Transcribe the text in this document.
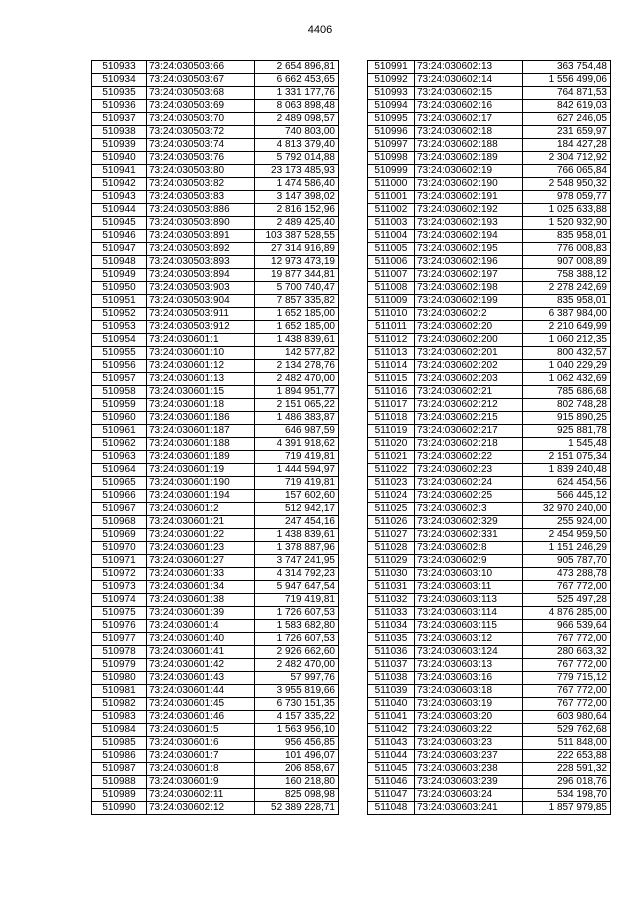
4406
510933	73:24:030503:66	2 654 896,81
510934	73:24:030503:67	6 662 453,65
510935	73:24:030503:68	1 331 177,76
510936	73:24:030503:69	8 063 898,48
510937	73:24:030503:70	2 489 098,57
510938	73:24:030503:72	740 803,00
510939	73:24:030503:74	4 813 379,40
510940	73:24:030503:76	5 792 014,88
510941	73:24:030503:80	23 173 485,93
510942	73:24:030503:82	1 474 586,40
510943	73:24:030503:83	3 147 398,02
510944	73:24:030503:886	2 816 152,96
510945	73:24:030503:890	2 489 425,40
510946	73:24:030503:891	103 387 528,55
510947	73:24:030503:892	27 314 916,89
510948	73:24:030503:893	12 973 473,19
510949	73:24:030503:894	19 877 344,81
510950	73:24:030503:903	5 700 740,47
510951	73:24:030503:904	7 857 335,82
510952	73:24:030503:911	1 652 185,00
510953	73:24:030503:912	1 652 185,00
510954	73:24:030601:1	1 438 839,61
510955	73:24:030601:10	142 577,82
510956	73:24:030601:12	2 134 278,76
510957	73:24:030601:13	2 482 470,00
510958	73:24:030601:15	1 894 951,77
510959	73:24:030601:18	2 151 065,22
510960	73:24:030601:186	1 486 383,87
510961	73:24:030601:187	646 987,59
510962	73:24:030601:188	4 391 918,62
510963	73:24:030601:189	719 419,81
510964	73:24:030601:19	1 444 594,97
510965	73:24:030601:190	719 419,81
510966	73:24:030601:194	157 602,60
510967	73:24:030601:2	512 942,17
510968	73:24:030601:21	247 454,16
510969	73:24:030601:22	1 438 839,61
510970	73:24:030601:23	1 378 887,96
510971	73:24:030601:27	3 747 241,95
510972	73:24:030601:33	4 314 792,23
510973	73:24:030601:34	5 947 647,54
510974	73:24:030601:38	719 419,81
510975	73:24:030601:39	1 726 607,53
510976	73:24:030601:4	1 583 682,80
510977	73:24:030601:40	1 726 607,53
510978	73:24:030601:41	2 926 662,60
510979	73:24:030601:42	2 482 470,00
510980	73:24:030601:43	57 997,76
510981	73:24:030601:44	3 955 819,66
510982	73:24:030601:45	6 730 151,35
510983	73:24:030601:46	4 157 335,22
510984	73:24:030601:5	1 563 956,10
510985	73:24:030601:6	956 456,85
510986	73:24:030601:7	101 496,07
510987	73:24:030601:8	206 858,67
510988	73:24:030601:9	160 218,80
510989	73:24:030602:11	825 098,98
510990	73:24:030602:12	52 389 228,71
510991	73:24:030602:13	363 754,48
510992	73:24:030602:14	1 556 499,06
510993	73:24:030602:15	764 871,53
510994	73:24:030602:16	842 619,03
510995	73:24:030602:17	627 246,05
510996	73:24:030602:18	231 659,97
510997	73:24:030602:188	184 427,28
510998	73:24:030602:189	2 304 712,92
510999	73:24:030602:19	766 065,84
511000	73:24:030602:190	2 548 950,32
511001	73:24:030602:191	978 059,77
511002	73:24:030602:192	1 025 633,88
511003	73:24:030602:193	1 520 932,90
511004	73:24:030602:194	835 958,01
511005	73:24:030602:195	776 008,83
511006	73:24:030602:196	907 008,89
511007	73:24:030602:197	758 388,12
511008	73:24:030602:198	2 278 242,69
511009	73:24:030602:199	835 958,01
511010	73:24:030602:2	6 387 984,00
511011	73:24:030602:20	2 210 649,99
511012	73:24:030602:200	1 060 212,35
511013	73:24:030602:201	800 432,57
511014	73:24:030602:202	1 040 229,29
511015	73:24:030602:203	1 062 432,69
511016	73:24:030602:21	785 686,68
511017	73:24:030602:212	802 748,28
511018	73:24:030602:215	915 890,25
511019	73:24:030602:217	925 881,78
511020	73:24:030602:218	1 545,48
511021	73:24:030602:22	2 151 075,34
511022	73:24:030602:23	1 839 240,48
511023	73:24:030602:24	624 454,56
511024	73:24:030602:25	566 445,12
511025	73:24:030602:3	32 970 240,00
511026	73:24:030602:329	255 924,00
511027	73:24:030602:331	2 454 959,50
511028	73:24:030602:8	1 151 246,29
511029	73:24:030602:9	905 787,70
511030	73:24:030603:10	473 288,78
511031	73:24:030603:11	767 772,00
511032	73:24:030603:113	525 497,28
511033	73:24:030603:114	4 876 285,00
511034	73:24:030603:115	966 539,64
511035	73:24:030603:12	767 772,00
511036	73:24:030603:124	280 663,32
511037	73:24:030603:13	767 772,00
511038	73:24:030603:16	779 715,12
511039	73:24:030603:18	767 772,00
511040	73:24:030603:19	767 772,00
511041	73:24:030603:20	603 980,64
511042	73:24:030603:22	529 762,68
511043	73:24:030603:23	511 848,00
511044	73:24:030603:237	222 653,88
511045	73:24:030603:238	228 591,32
511046	73:24:030603:239	296 018,76
511047	73:24:030603:24	534 198,70
511048	73:24:030603:241	1 857 979,85
